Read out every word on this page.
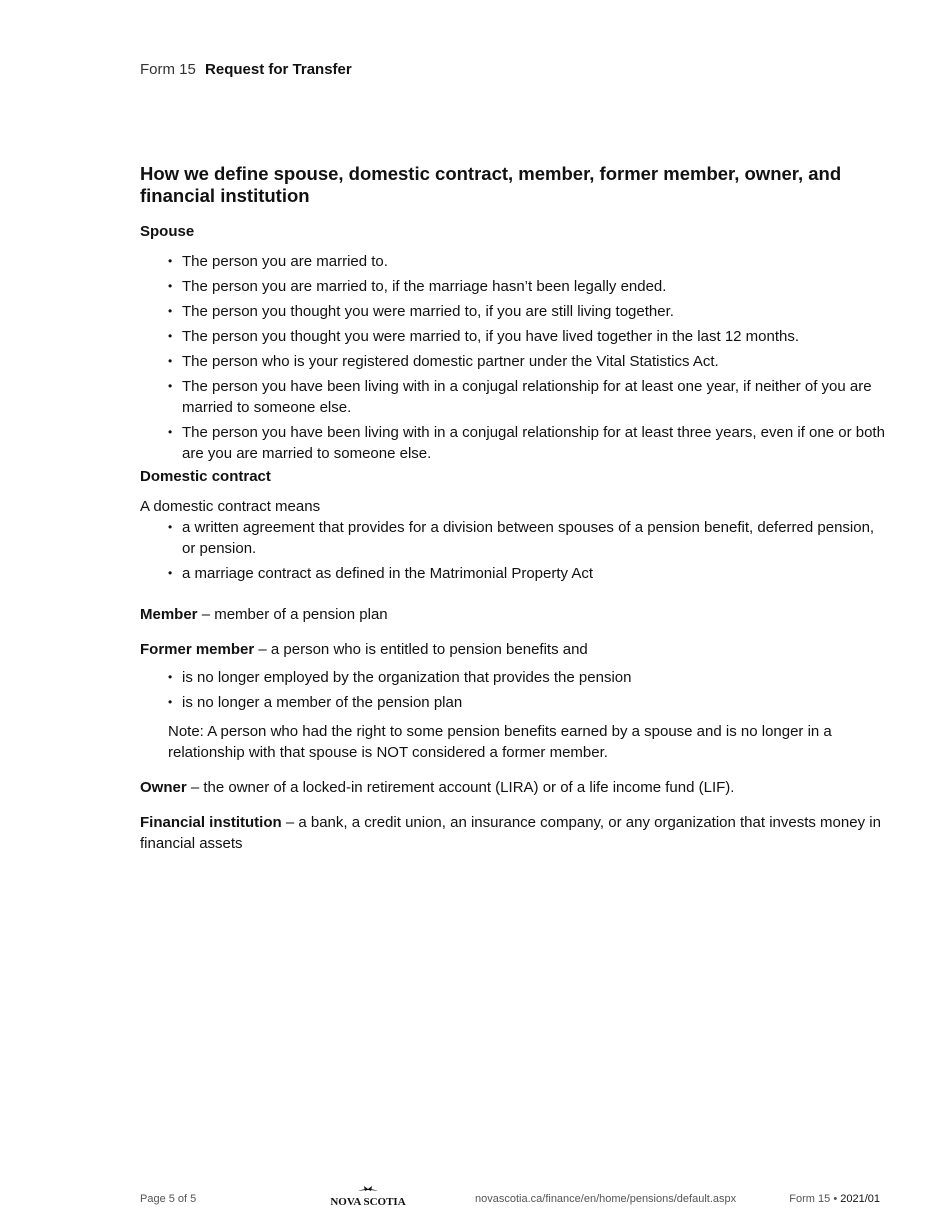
Form 15 Request for Transfer
How we define spouse, domestic contract, member, former member, owner, and financial institution
Spouse
• The person you are married to.
• The person you are married to, if the marriage hasn’t been legally ended.
• The person you thought you were married to, if you are still living together.
• The person you thought you were married to, if you have lived together in the last 12 months.
• The person who is your registered domestic partner under the Vital Statistics Act.
• The person you have been living with in a conjugal relationship for at least one year, if neither of you are married to someone else.
• The person you have been living with in a conjugal relationship for at least three years, even if one or both are you are married to someone else.
Domestic contract

A domestic contract means

• a written agreement that provides for a division between spouses of a pension benefit, deferred pension, or pension.
• a marriage contract as defined in the Matrimonial Property Act

Member – member of a pension plan

Former member – a person who is entitled to pension benefits and

• is no longer employed by the organization that provides the pension
• is no longer a member of the pension plan

Note: A person who had the right to some pension benefits earned by a spouse and is no longer in a relationship with that spouse is NOT considered a former member.

Owner – the owner of a locked-in retirement account (LIRA) or of a life income fund (LIF).

Financial institution – a bank, a credit union, an insurance company, or any organization that invests money in financial assets

Page 5 of 5	NOVA SCOTIA	novascotia.ca/finance/en/home/pensions/default.aspx	Form 15 • 2021/01
